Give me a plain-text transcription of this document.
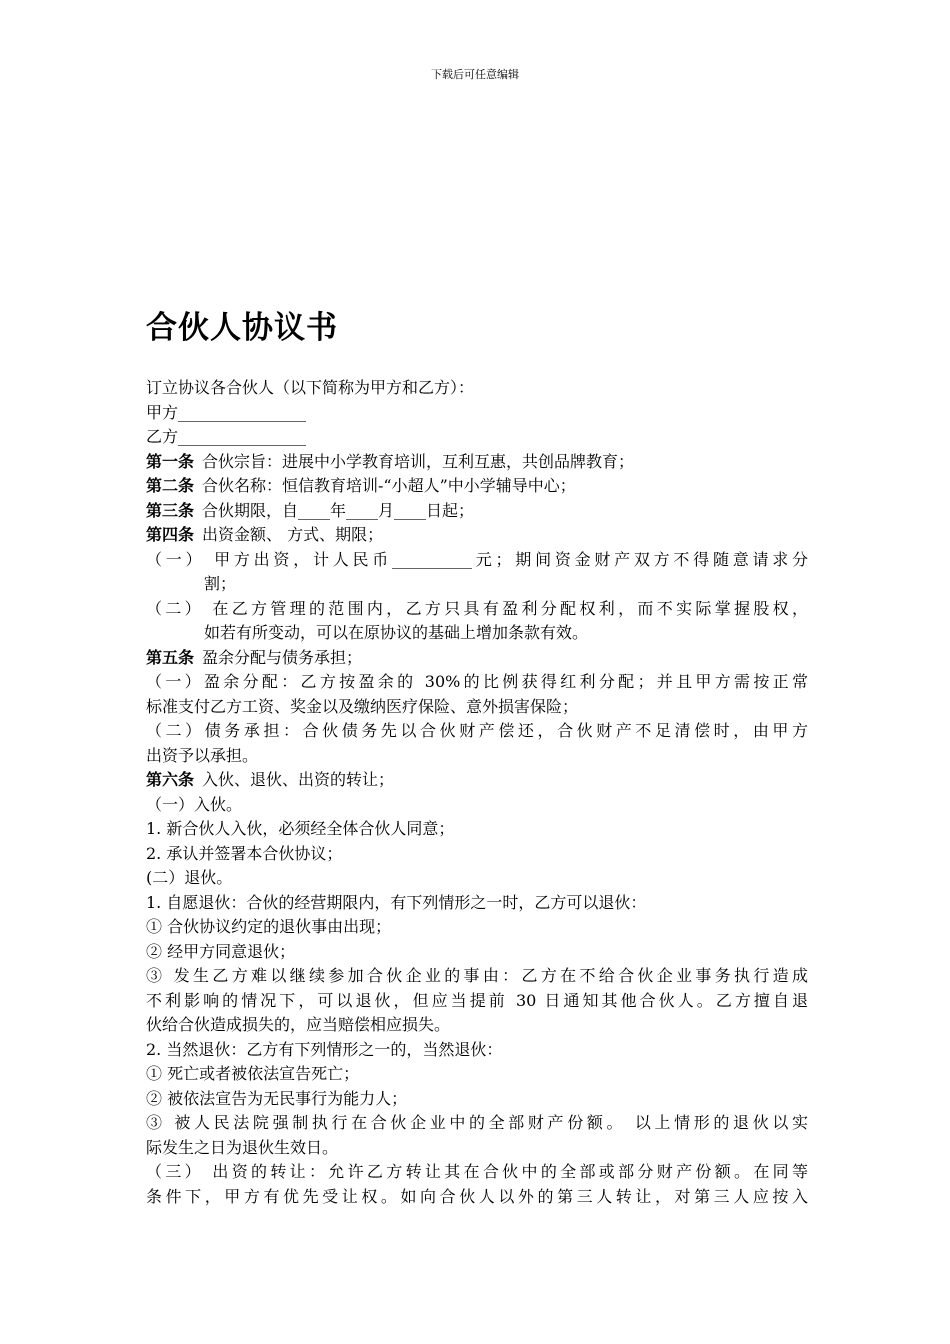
下载后可任意编辑
合伙人协议书
订立协议各合伙人（以下简称为甲方和乙方）：
甲方________________
乙方________________
第一条 合伙宗旨：进展中小学教育培训，互利互惠，共创品牌教育；
第二条 合伙名称：恒信教育培训-“小超人”中小学辅导中心；
第三条 合伙期限，自____年____月____日起；
第四条 出资金额、 方式、期限；
（一） 甲方出资，计人民币__________元；期间资金财产双方不得随意请求分
割；
（二） 在乙方管理的范围内，乙方只具有盈利分配权利，而不实际掌握股权，
如若有所变动，可以在原协议的基础上增加条款有效。
第五条 盈余分配与债务承担；
（一）盈余分配：乙方按盈余的 30%的比例获得红利分配；并且甲方需按正常
标准支付乙方工资、奖金以及缴纳医疗保险、意外损害保险；
（二）债务承担：合伙债务先以合伙财产偿还，合伙财产不足清偿时，由甲方
出资予以承担。
第六条 入伙、退伙、出资的转让；
（一）入伙。
1. 新合伙人入伙，必须经全体合伙人同意；
2. 承认并签署本合伙协议；
(二）退伙。
1. 自愿退伙：合伙的经营期限内，有下列情形之一时，乙方可以退伙：
① 合伙协议约定的退伙事由出现；
② 经甲方同意退伙；
③ 发生乙方难以继续参加合伙企业的事由：乙方在不给合伙企业事务执行造成
不利影响的情况下，可以退伙，但应当提前 30 日通知其他合伙人。乙方擅自退
伙给合伙造成损失的，应当赔偿相应损失。
2. 当然退伙：乙方有下列情形之一的，当然退伙：
① 死亡或者被依法宣告死亡；
② 被依法宣告为无民事行为能力人；
③ 被人民法院强制执行在合伙企业中的全部财产份额。 以上情形的退伙以实
际发生之日为退伙生效日。
（三） 出资的转让：允许乙方转让其在合伙中的全部或部分财产份额。在同等
条件下，甲方有优先受让权。如向合伙人以外的第三人转让，对第三人应按入
